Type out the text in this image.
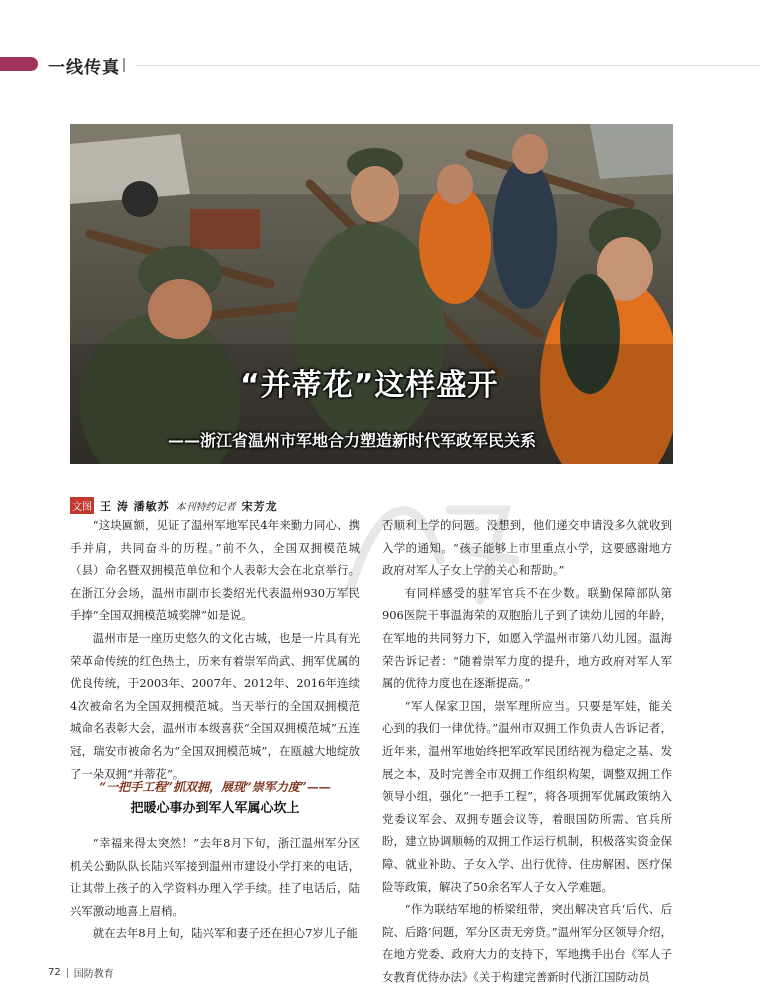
一线传真
“并蒂花”这样盛开
——浙江省温州市军地合力塑造新时代军政军民关系
文图 王 涛 潘敏苏 本刊特约记者 宋芳龙

“这块匾额，见证了温州军地军民4年来勤力同心、携手并肩，共同奋斗的历程。”前不久，全国双拥模范城（县）命名暨双拥模范单位和个人表彰大会在北京举行。在浙江分会场，温州市副市长娄绍光代表温州930万军民手捧“全国双拥模范城奖牌”如是说。

温州市是一座历史悠久的文化古城，也是一片具有光荣革命传统的红色热土，历来有着崇军尚武、拥军优属的优良传统，于2003年、2007年、2012年、2016年连续4次被命名为全国双拥模范城。当天举行的全国双拥模范城命名表彰大会，温州市本级喜获“全国双拥模范城”五连冠，瑞安市被命名为“全国双拥模范城”，在瓯越大地绽放了一朵双拥“并蒂花”。

“一把手工程”抓双拥，展现“崇军力度”——
把暖心事办到军人军属心坎上

“幸福来得太突然！”去年8月下旬，浙江温州军分区机关公勤队队长陆兴军接到温州市建设小学打来的电话，让其带上孩子的入学资料办理入学手续。挂了电话后，陆兴军激动地喜上眉梢。

就在去年8月上旬，陆兴军和妻子还在担心7岁儿子能

否顺利上学的问题。没想到，他们递交申请没多久就收到入学的通知。“孩子能够上市里重点小学，这要感谢地方政府对军人子女上学的关心和帮助。”

有同样感受的驻军官兵不在少数。联勤保障部队第906医院干事温海荣的双胞胎儿子到了读幼儿园的年龄，在军地的共同努力下，如愿入学温州市第八幼儿园。温海荣告诉记者：“随着崇军力度的提升，地方政府对军人军属的优待力度也在逐渐提高。”

“军人保家卫国，崇军理所应当。只要是军娃，能关心到的我们一律优待。”温州市双拥工作负责人告诉记者，近年来，温州军地始终把军政军民团结视为稳定之基、发展之本，及时完善全市双拥工作组织构架，调整双拥工作领导小组，强化“一把手工程”，将各项拥军优属政策纳入党委议军会、双拥专题会议等，着眼国防所需、官兵所盼，建立协调顺畅的双拥工作运行机制，积极落实资金保障、就业补助、子女入学、出行优待、住房解困、医疗保险等政策，解决了50余名军人子女入学难题。

“作为联结军地的桥梁纽带，突出解决官兵‘后代、后院、后路’问题，军分区责无旁贷。”温州军分区领导介绍，在地方党委、政府大力的支持下，军地携手出台《军人子女教育优待办法》《关于构建完善新时代浙江国防动员

72 国防教育
